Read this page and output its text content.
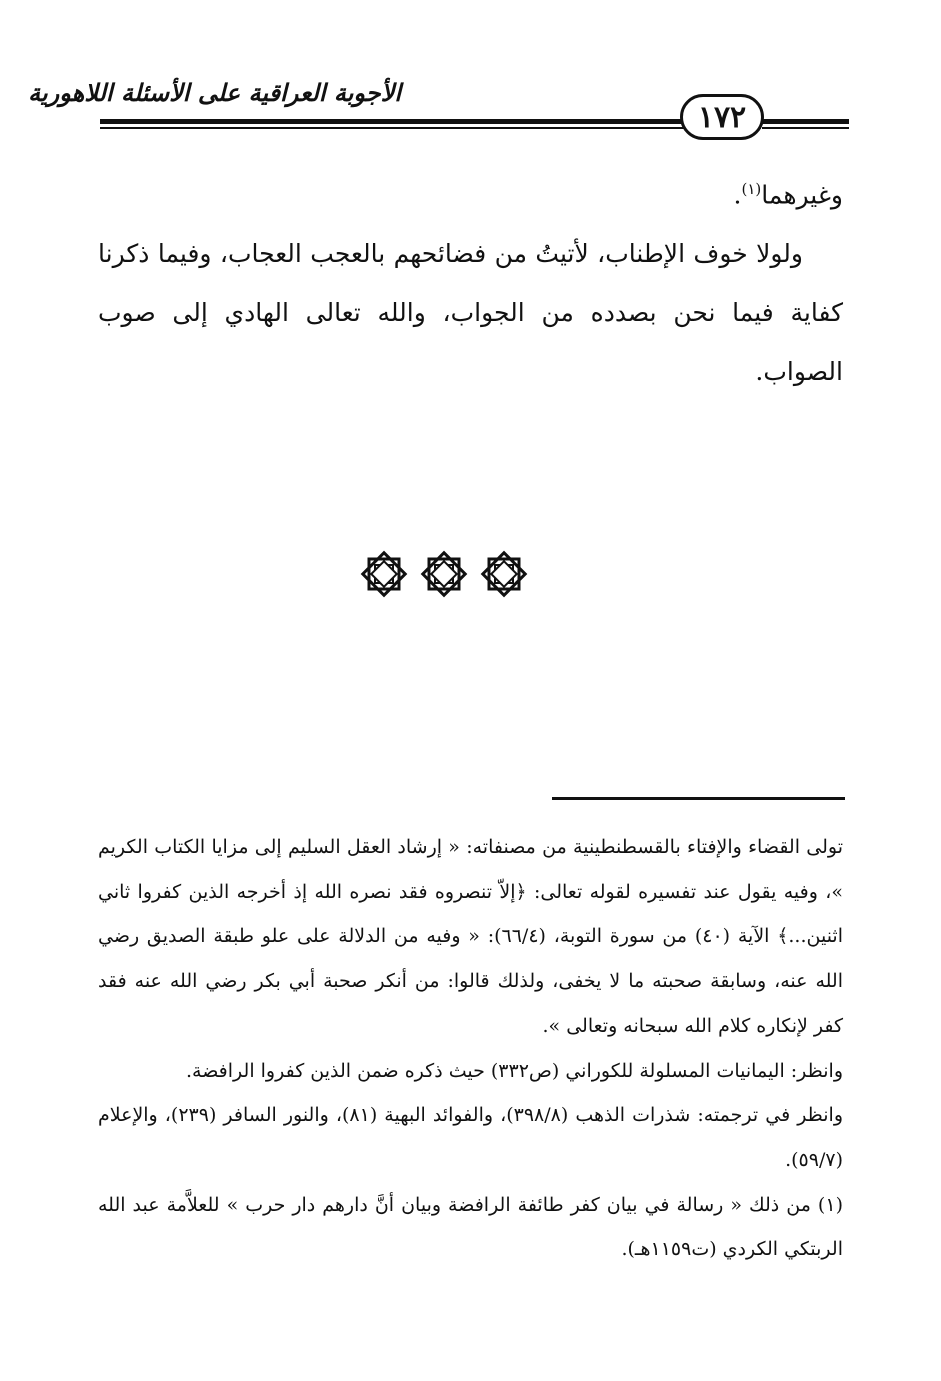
الأجوبة العراقية على الأسئلة اللاهورية
١٧٢

وغيرهما$^{(١)}$.

ولولا خوف الإطناب، لأتيتُ من فضائحهم بالعجب العجاب، وفيما ذكرنا كفاية فيما نحن بصدده من الجواب، والله تعالى الهادي إلى صوب الصواب.

تولى القضاء والإفتاء بالقسطنطينية من مصنفاته: « إرشاد العقل السليم إلى مزايا الكتاب الكريم »، وفيه يقول عند تفسيره لقوله تعالى: ﴿إلاّ تنصروه فقد نصره الله إذ أخرجه الذين كفروا ثاني اثنين...﴾ الآية (٤٠) من سورة التوبة، (٦٦/٤): « وفيه من الدلالة على علو طبقة الصديق رضي الله عنه، وسابقة صحبته ما لا يخفى، ولذلك قالوا: من أنكر صحبة أبي بكر رضي الله عنه فقد كفر لإنكاره كلام الله سبحانه وتعالى ».

وانظر: اليمانيات المسلولة للكوراني (ص٣٣٢) حيث ذكره ضمن الذين كفروا الرافضة.

وانظر في ترجمته: شذرات الذهب (٣٩٨/٨)، والفوائد البهية (٨١)، والنور السافر (٢٣٩)، والإعلام (٥٩/٧).

(١) من ذلك « رسالة في بيان كفر طائفة الرافضة وبيان أنَّ دارهم دار حرب » للعلاَّمة عبد الله الربتكي الكردي (ت١١٥٩هـ).
